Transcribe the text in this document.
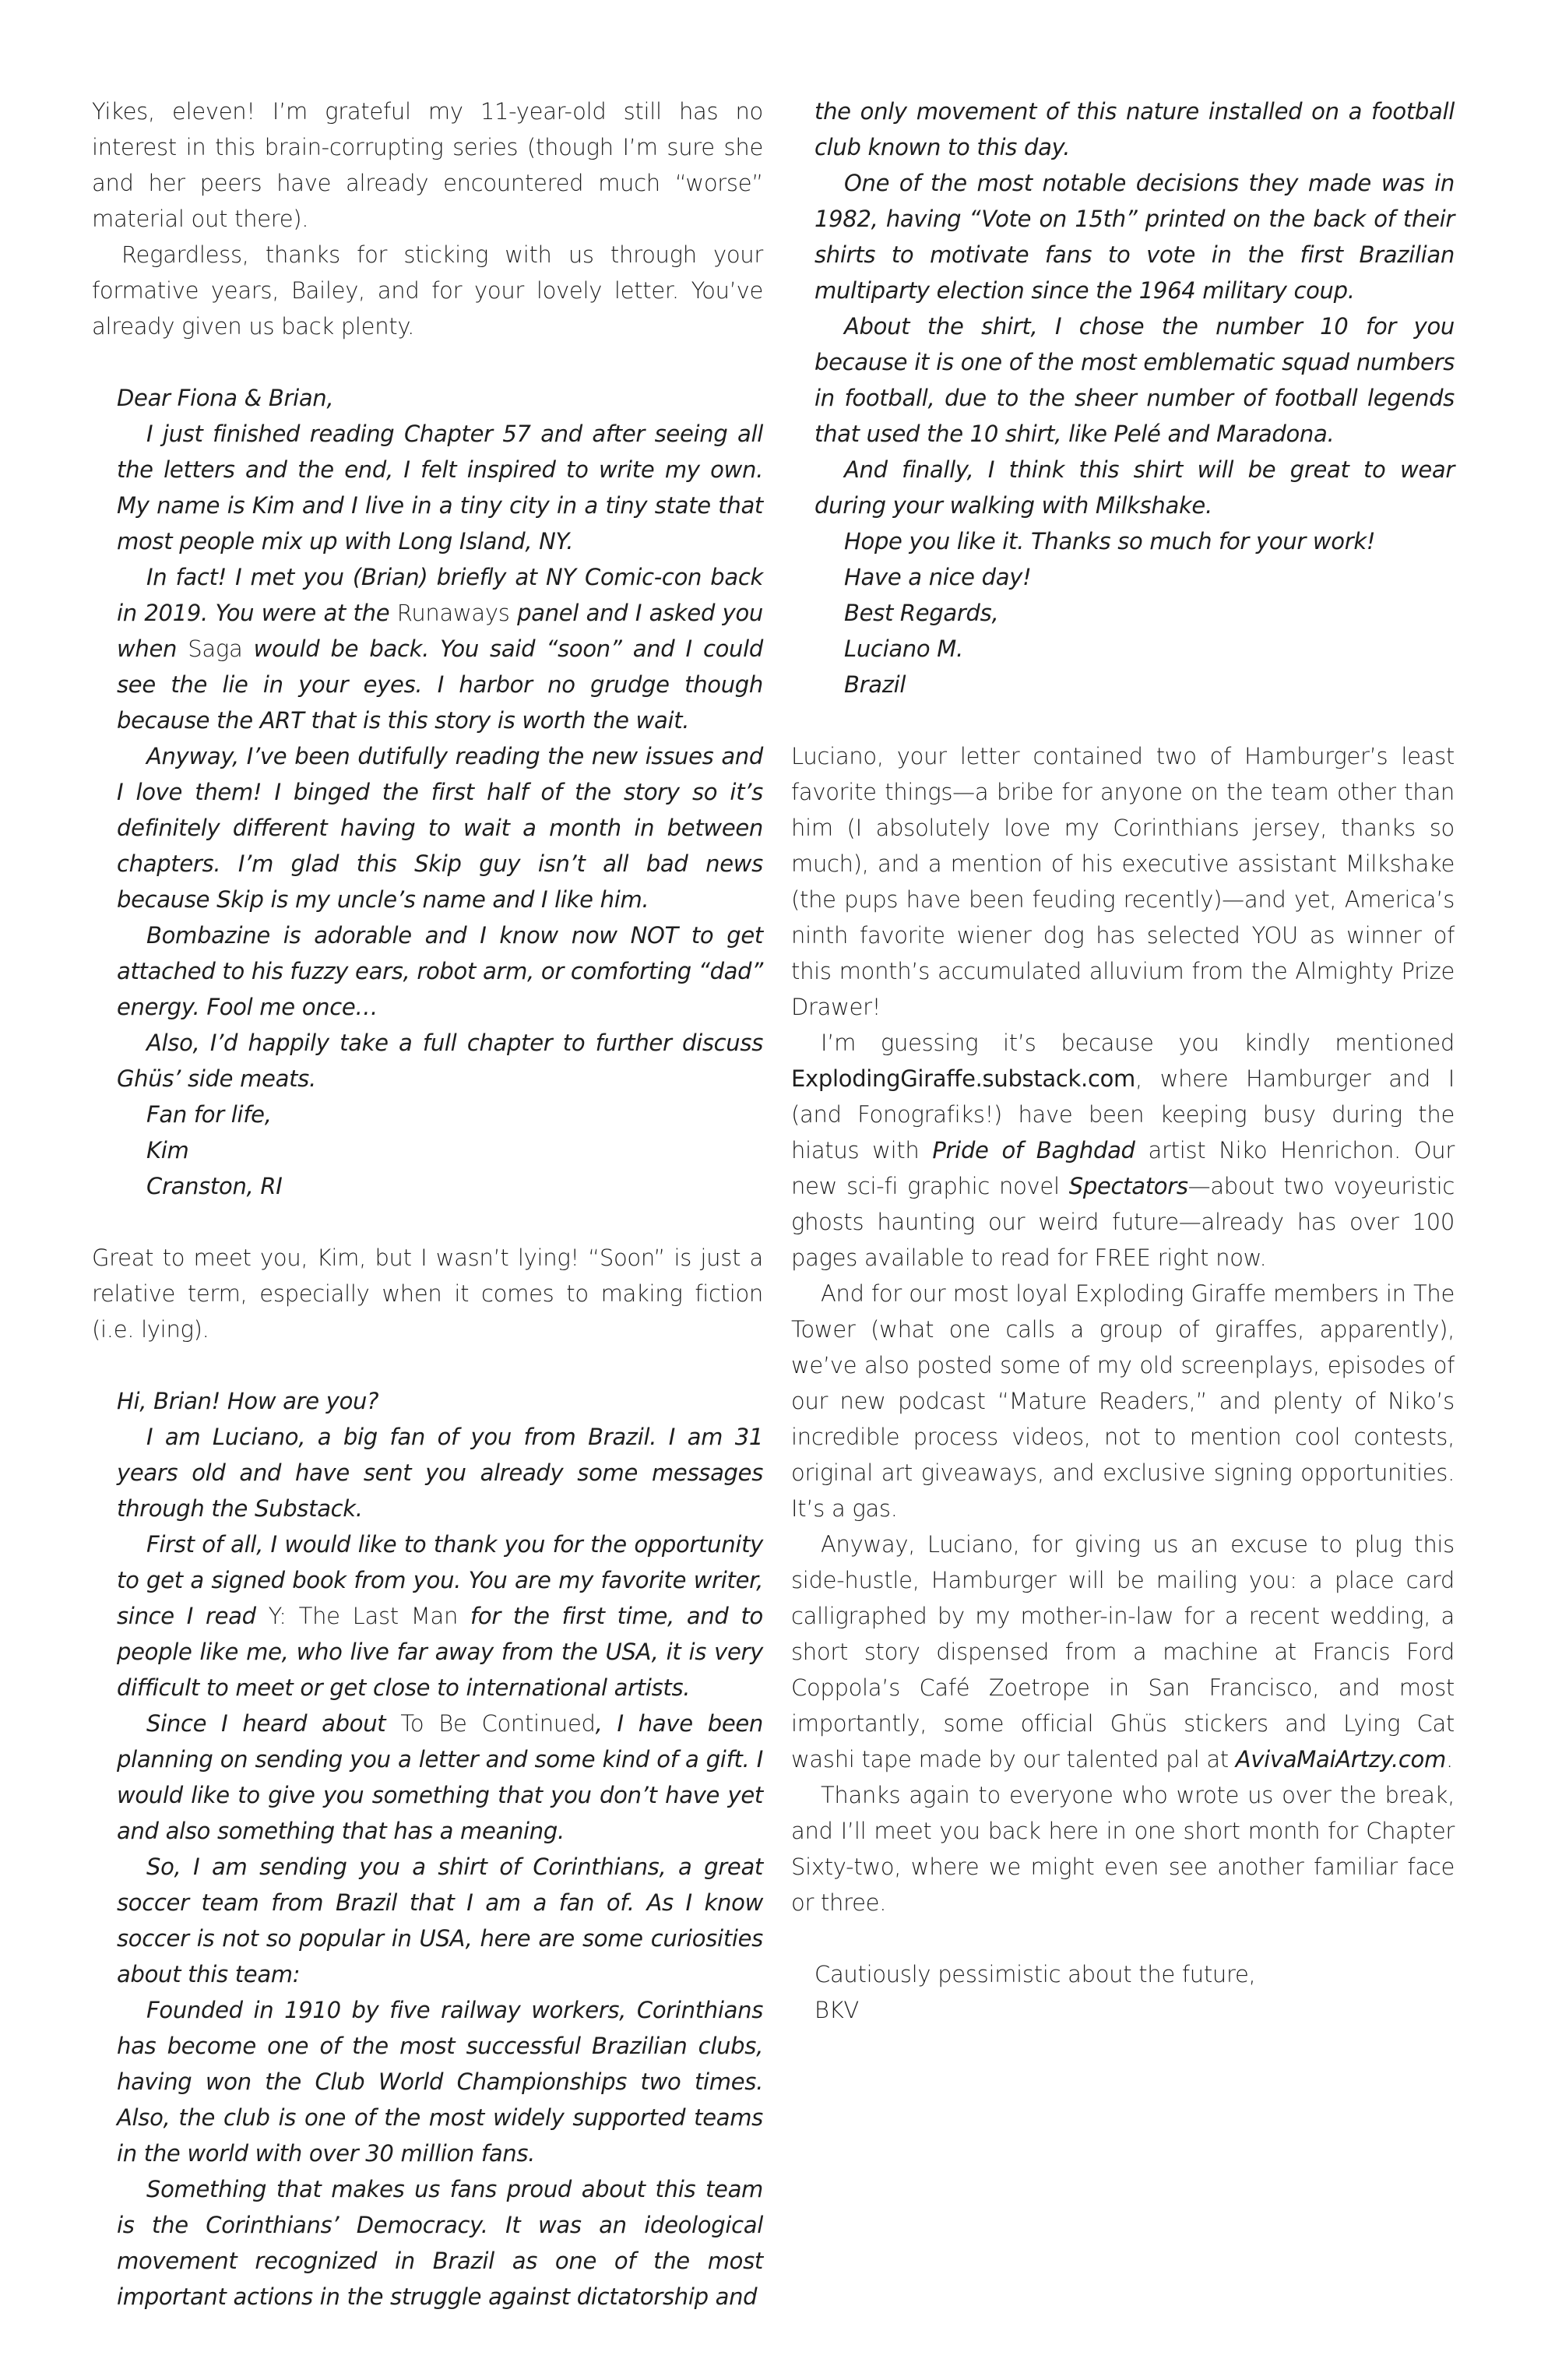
Yikes, eleven! I’m grateful my 11-year-old still has no interest in this brain-corrupting series (though I’m sure she and her peers have already encountered much “worse” material out there).

Regardless, thanks for sticking with us through your formative years, Bailey, and for your lovely letter. You’ve already given us back plenty.

Dear Fiona & Brian,

I just finished reading Chapter 57 and after seeing all the letters and the end, I felt inspired to write my own. My name is Kim and I live in a tiny city in a tiny state that most people mix up with Long Island, NY.

In fact! I met you (Brian) briefly at NY Comic-con back in 2019. You were at the Runaways panel and I asked you when Saga would be back. You said “soon” and I could see the lie in your eyes. I harbor no grudge though because the ART that is this story is worth the wait.

Anyway, I’ve been dutifully reading the new issues and I love them! I binged the first half of the story so it’s definitely different having to wait a month in between chapters. I’m glad this Skip guy isn’t all bad news because Skip is my uncle’s name and I like him.

Bombazine is adorable and I know now NOT to get attached to his fuzzy ears, robot arm, or comforting “dad” energy. Fool me once…

Also, I’d happily take a full chapter to further discuss Ghüs’ side meats.

Fan for life,

Kim

Cranston, RI

Great to meet you, Kim, but I wasn’t lying! “Soon” is just a relative term, especially when it comes to making fiction (i.e. lying).

Hi, Brian! How are you?

I am Luciano, a big fan of you from Brazil. I am 31 years old and have sent you already some messages through the Substack.

First of all, I would like to thank you for the opportunity to get a signed book from you. You are my favorite writer, since I read Y: The Last Man for the first time, and to people like me, who live far away from the USA, it is very difficult to meet or get close to international artists.

Since I heard about To Be Continued, I have been planning on sending you a letter and some kind of a gift. I would like to give you something that you don’t have yet and also something that has a meaning.

So, I am sending you a shirt of Corinthians, a great soccer team from Brazil that I am a fan of. As I know soccer is not so popular in USA, here are some curiosities about this team:

Founded in 1910 by five railway workers, Corinthians has become one of the most successful Brazilian clubs, having won the Club World Championships two times. Also, the club is one of the most widely supported teams in the world with over 30 million fans.

Something that makes us fans proud about this team is the Corinthians’ Democracy. It was an ideological movement recognized in Brazil as one of the most important actions in the struggle against dictatorship and

the only movement of this nature installed on a football club known to this day.

One of the most notable decisions they made was in 1982, having “Vote on 15th” printed on the back of their shirts to motivate fans to vote in the first Brazilian multiparty election since the 1964 military coup.

About the shirt, I chose the number 10 for you because it is one of the most emblematic squad numbers in football, due to the sheer number of football legends that used the 10 shirt, like Pelé and Maradona.

And finally, I think this shirt will be great to wear during your walking with Milkshake.

Hope you like it. Thanks so much for your work!

Have a nice day!

Best Regards,

Luciano M.

Brazil

Luciano, your letter contained two of Hamburger’s least favorite things—a bribe for anyone on the team other than him (I absolutely love my Corinthians jersey, thanks so much), and a mention of his executive assistant Milkshake (the pups have been feuding recently)—and yet, America’s ninth favorite wiener dog has selected YOU as winner of this month’s accumulated alluvium from the Almighty Prize Drawer!

I’m guessing it’s because you kindly mentioned ExplodingGiraffe.substack.com, where Hamburger and I (and Fonografiks!) have been keeping busy during the hiatus with Pride of Baghdad artist Niko Henrichon. Our new sci-fi graphic novel Spectators—about two voyeuristic ghosts haunting our weird future—already has over 100 pages available to read for FREE right now.

And for our most loyal Exploding Giraffe members in The Tower (what one calls a group of giraffes, apparently), we’ve also posted some of my old screenplays, episodes of our new podcast “Mature Readers,” and plenty of Niko’s incredible process videos, not to mention cool contests, original art giveaways, and exclusive signing opportunities. It’s a gas.

Anyway, Luciano, for giving us an excuse to plug this side-hustle, Hamburger will be mailing you: a place card calligraphed by my mother-in-law for a recent wedding, a short story dispensed from a machine at Francis Ford Coppola’s Café Zoetrope in San Francisco, and most importantly, some official Ghüs stickers and Lying Cat washi tape made by our talented pal at AvivaMaiArtzy.com.

Thanks again to everyone who wrote us over the break, and I’ll meet you back here in one short month for Chapter Sixty-two, where we might even see another familiar face or three.

Cautiously pessimistic about the future,

BKV
